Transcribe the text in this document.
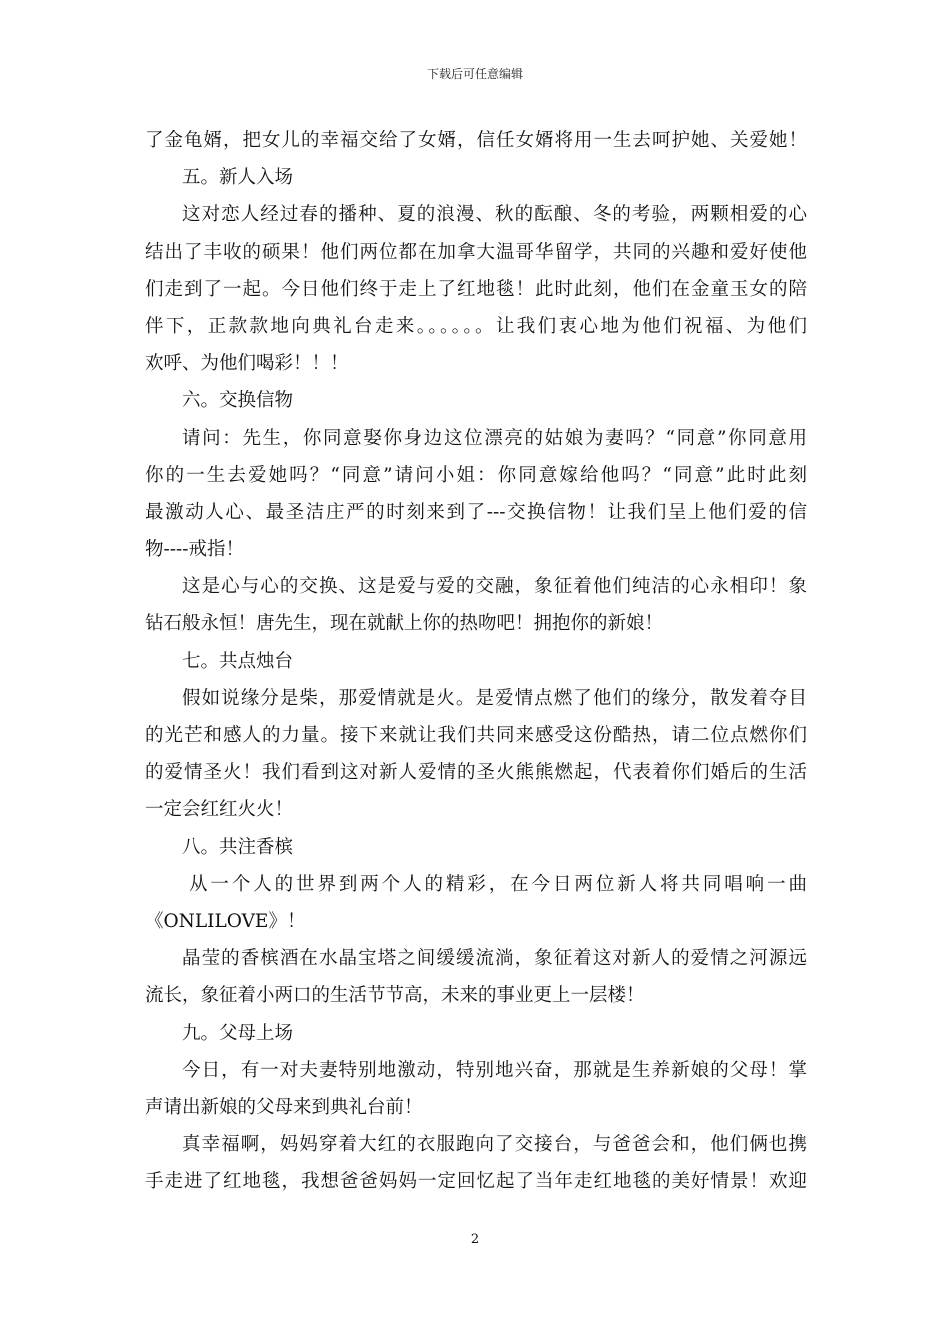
下载后可任意编辑
了金龟婿，把女儿的幸福交给了女婿，信任女婿将用一生去呵护她、关爱她！
五。新人入场
这对恋人经过春的播种、夏的浪漫、秋的酝酿、冬的考验，两颗相爱的心
结出了丰收的硕果！他们两位都在加拿大温哥华留学，共同的兴趣和爱好使他
们走到了一起。今日他们终于走上了红地毯！此时此刻，他们在金童玉女的陪
伴下，正款款地向典礼台走来。。。。。。让我们衷心地为他们祝福、为他们
欢呼、为他们喝彩！！！
六。交换信物
请问：先生，你同意娶你身边这位漂亮的姑娘为妻吗？“同意”你同意用
你的一生去爱她吗？“同意”请问小姐：你同意嫁给他吗？“同意”此时此刻
最激动人心、最圣洁庄严的时刻来到了---交换信物！让我们呈上他们爱的信
物----戒指！
这是心与心的交换、这是爱与爱的交融，象征着他们纯洁的心永相印！象
钻石般永恒！唐先生，现在就献上你的热吻吧！拥抱你的新娘！
七。共点烛台
假如说缘分是柴，那爱情就是火。是爱情点燃了他们的缘分，散发着夺目
的光芒和感人的力量。接下来就让我们共同来感受这份酷热，请二位点燃你们
的爱情圣火！我们看到这对新人爱情的圣火熊熊燃起，代表着你们婚后的生活
一定会红红火火！
八。共注香槟
从一个人的世界到两个人的精彩，在今日两位新人将共同唱响一曲
《ONLILOVE》！
晶莹的香槟酒在水晶宝塔之间缓缓流淌，象征着这对新人的爱情之河源远
流长，象征着小两口的生活节节高，未来的事业更上一层楼！
九。父母上场
今日，有一对夫妻特别地激动，特别地兴奋，那就是生养新娘的父母！掌
声请出新娘的父母来到典礼台前！
真幸福啊，妈妈穿着大红的衣服跑向了交接台，与爸爸会和，他们俩也携
手走进了红地毯，我想爸爸妈妈一定回忆起了当年走红地毯的美好情景！欢迎
2
